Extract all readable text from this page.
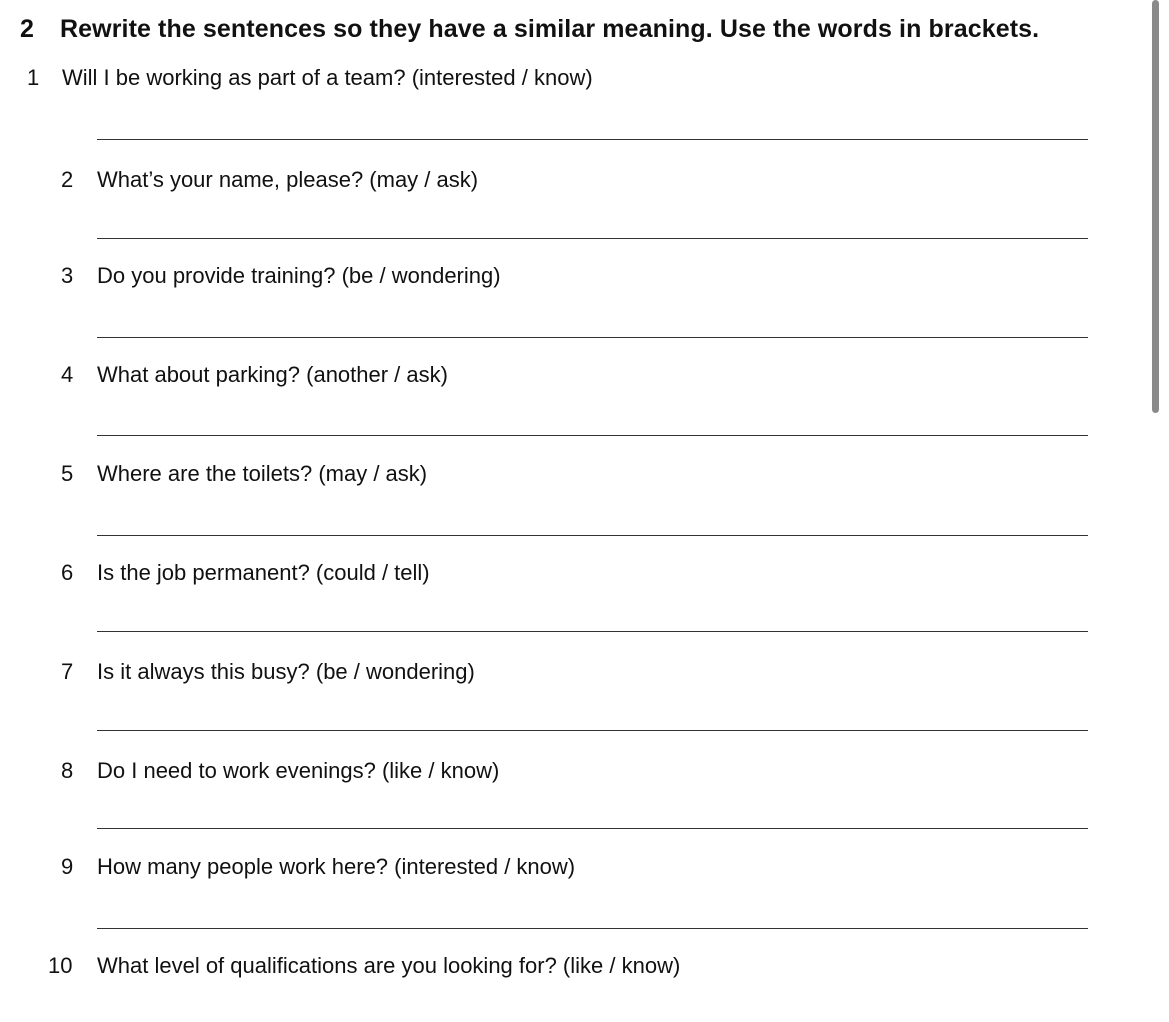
2 Rewrite the sentences so they have a similar meaning. Use the words in brackets.
1 Will I be working as part of a team? (interested / know)
2 What’s your name, please? (may / ask)
3 Do you provide training? (be / wondering)
4 What about parking? (another / ask)
5 Where are the toilets? (may / ask)
6 Is the job permanent? (could / tell)
7 Is it always this busy? (be / wondering)
8 Do I need to work evenings? (like / know)
9 How many people work here? (interested / know)
10 What level of qualifications are you looking for? (like / know)
